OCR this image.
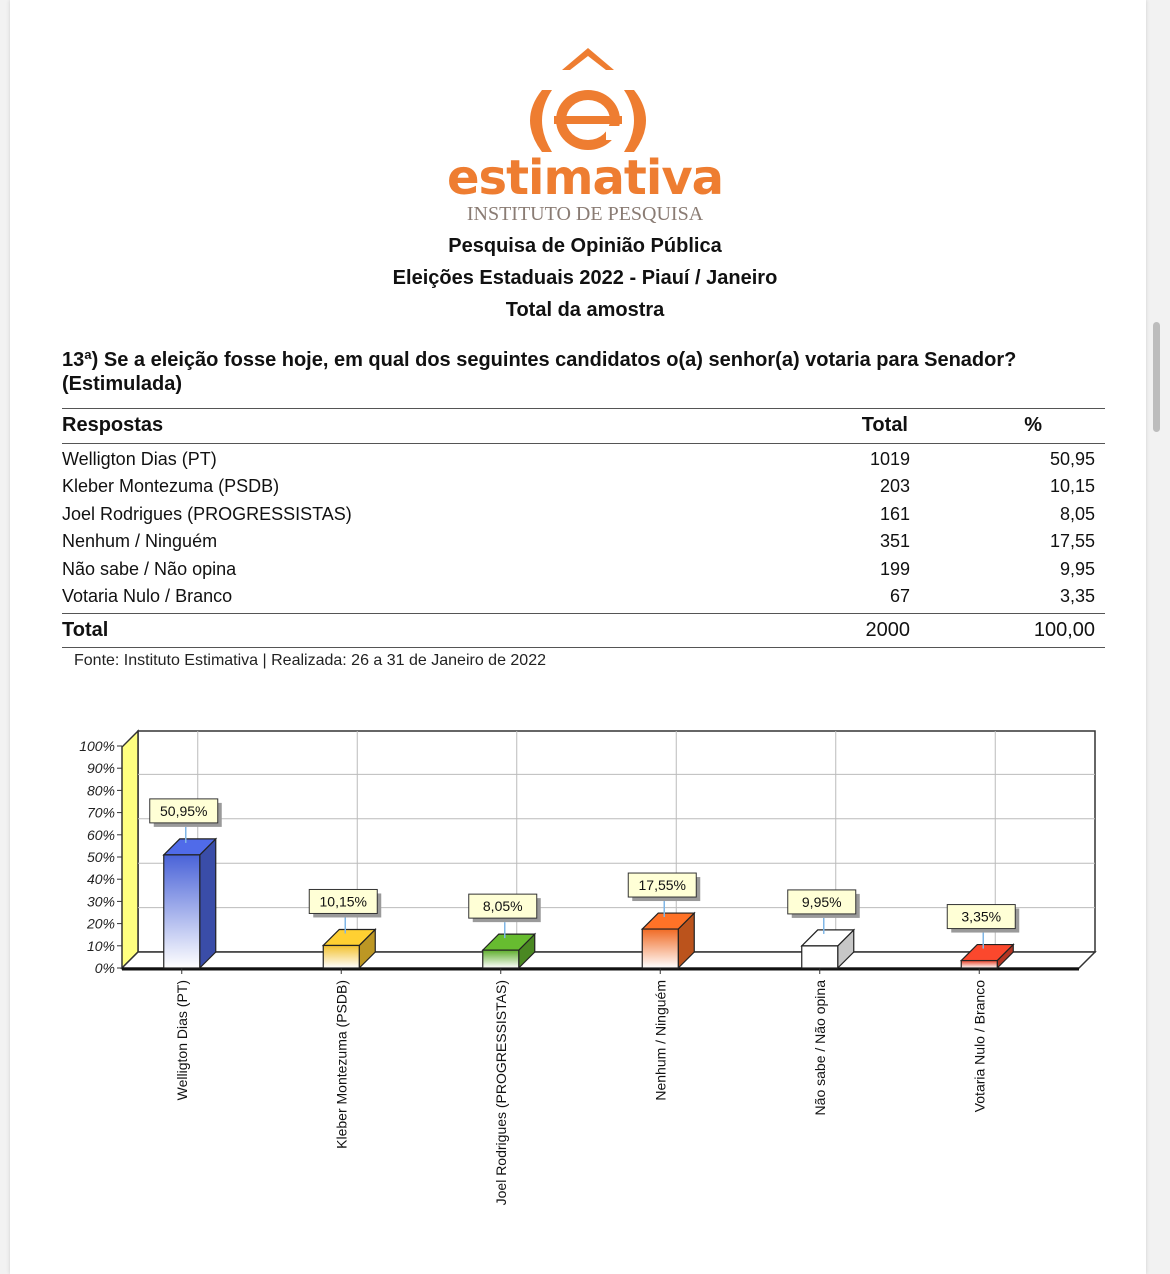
estimativa
INSTITUTO DE PESQUISA
Pesquisa de Opinião Pública
Eleições Estaduais 2022 - Piauí / Janeiro
Total da amostra
13ª) Se a eleição fosse hoje, em qual dos seguintes candidatos o(a) senhor(a) votaria para Senador?
(Estimulada)
Respostas	Total	%
Welligton Dias (PT)	1019	50,95
Kleber Montezuma (PSDB)	203	10,15
Joel Rodrigues (PROGRESSISTAS)	161	8,05
Nenhum / Ninguém	351	17,55
Não sabe / Não opina	199	9,95
Votaria Nulo / Branco	67	3,35
Total	2000	100,00
Fonte: Instituto Estimativa | Realizada: 26 a 31 de Janeiro de 2022
0%
10%
20%
30%
40%
50%
60%
70%
80%
90%
100%
50,95%
Welligton Dias (PT)
10,15%
Kleber Montezuma (PSDB)
8,05%
Joel Rodrigues (PROGRESSISTAS)
17,55%
Nenhum / Ninguém
9,95%
Não sabe / Não opina
3,35%
Votaria Nulo / Branco
